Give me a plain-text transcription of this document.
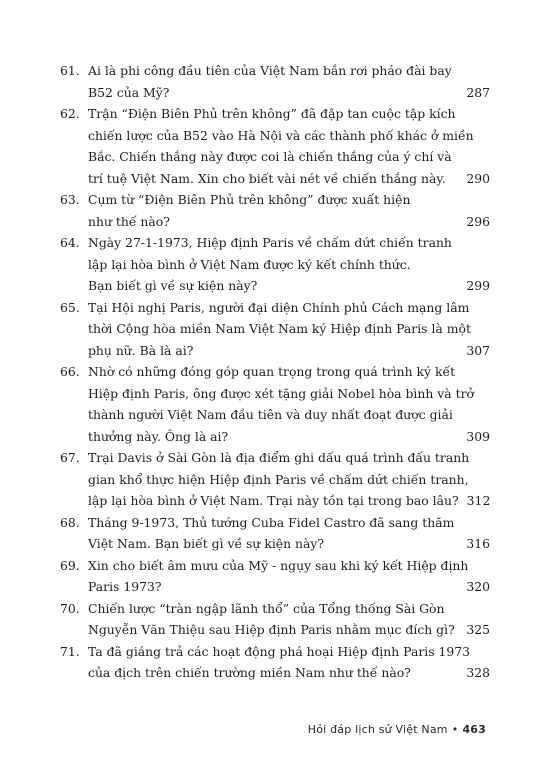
61. Ai là phi công đầu tiên của Việt Nam bắn rơi pháo đài bay
B52 của Mỹ?	287
62. Trận “Điện Biên Phủ trên không” đã đập tan cuộc tập kích
chiến lược của B52 vào Hà Nội và các thành phố khác ở miền
Bắc. Chiến thắng này được coi là chiến thắng của ý chí và
trí tuệ Việt Nam. Xin cho biết vài nét về chiến thắng này.	290
63. Cụm từ “Điện Biên Phủ trên không” được xuất hiện
như thế nào?	296
64. Ngày 27-1-1973, Hiệp định Paris về chấm dứt chiến tranh
lập lại hòa bình ở Việt Nam được ký kết chính thức.
Bạn biết gì về sự kiện này?	299
65. Tại Hội nghị Paris, người đại diện Chính phủ Cách mạng lâm
thời Cộng hòa miền Nam Việt Nam ký Hiệp định Paris là một
phụ nữ. Bà là ai?	307
66. Nhờ có những đóng góp quan trọng trong quá trình ký kết
Hiệp định Paris, ông được xét tặng giải Nobel hòa bình và trở
thành người Việt Nam đầu tiên và duy nhất đoạt được giải
thưởng này. Ông là ai?	309
67. Trại Davis ở Sài Gòn là địa điểm ghi dấu quá trình đấu tranh
gian khổ thực hiện Hiệp định Paris về chấm dứt chiến tranh,
lập lại hòa bình ở Việt Nam. Trại này tồn tại trong bao lâu? 312
68. Tháng 9-1973, Thủ tướng Cuba Fidel Castro đã sang thăm
Việt Nam. Bạn biết gì về sự kiện này?	316
69. Xin cho biết âm mưu của Mỹ - ngụy sau khi ký kết Hiệp định
Paris 1973?	320
70. Chiến lược “tràn ngập lãnh thổ” của Tổng thống Sài Gòn
Nguyễn Văn Thiệu sau Hiệp định Paris nhằm mục đích gì? 325
71. Ta đã giáng trả các hoạt động phá hoại Hiệp định Paris 1973
của địch trên chiến trường miền Nam như thế nào?	328
Hỏi đáp lịch sử Việt Nam • 463
